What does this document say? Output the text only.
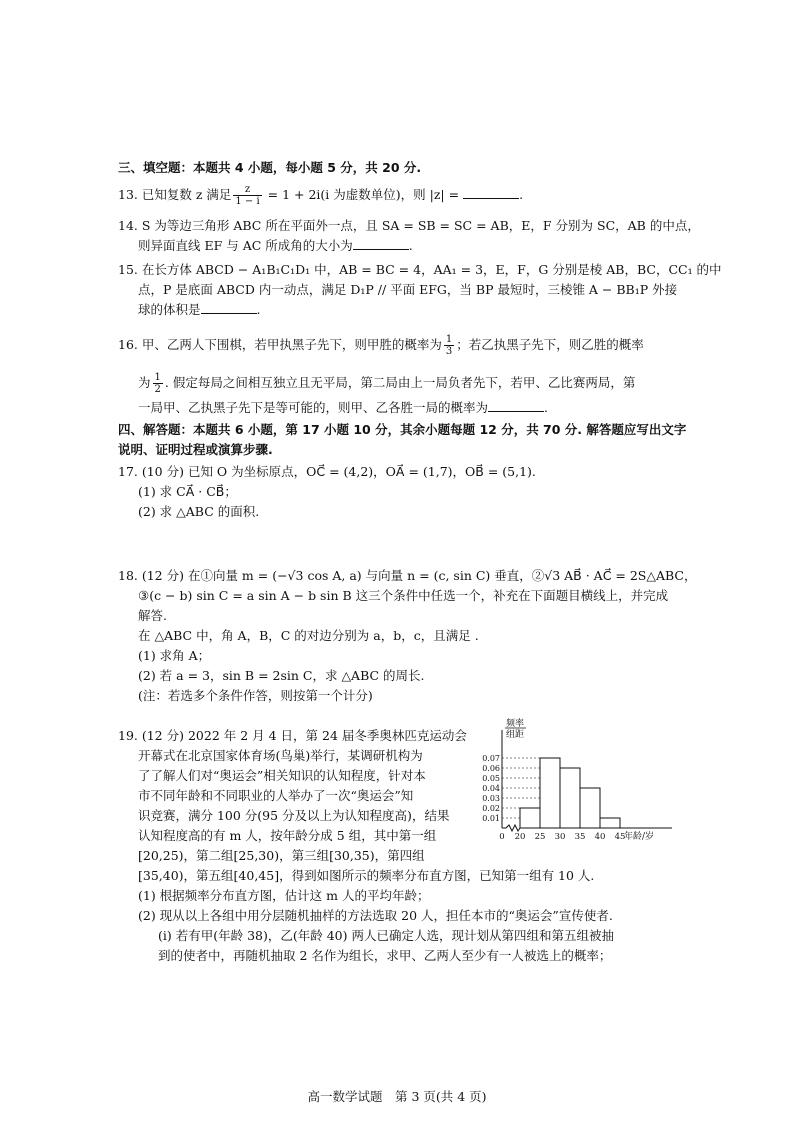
三、填空题：本题共 4 小题，每小题 5 分，共 20 分.
13. 已知复数 z 满足 $\frac{z}{1 - i} = 1 + 2i(i$ 为虚数单位)，则 |z| =	.
14. S 为等边三角形 ABC 所在平面外一点，且 SA = SB = SC = AB，E，F 分别为 SC，AB 的中点，
则异面直线 EF 与 AC 所成角的大小为	.
15. 在长方体 ABCD − A₁B₁C₁D₁ 中，AB = BC = 4，AA₁ = 3，E，F，G 分别是棱 AB，BC，CC₁ 的中
点，P 是底面 ABCD 内一动点，满足 D₁P // 平面 EFG，当 BP 最短时，三棱锥 A − BB₁P 外接
球的体积是	.
16. 甲、乙两人下围棋，若甲执黑子先下，则甲胜的概率为 $\frac{1}{3}$ ；若乙执黑子先下，则乙胜的概率
为 $\frac{1}{2}$ . 假定每局之间相互独立且无平局，第二局由上一局负者先下，若甲、乙比赛两局，第
一局甲、乙执黑子先下是等可能的，则甲、乙各胜一局的概率为	.
四、解答题：本题共 6 小题，第 17 小题 10 分，其余小题每题 12 分，共 70 分. 解答题应写出文字
说明、证明过程或演算步骤.
17. (10 分) 已知 O 为坐标原点，OC⃗ = (4,2)，OA⃗ = (1,7)，OB⃗ = (5,1).
(1) 求 CA⃗ · CB⃗；
(2) 求 △ABC 的面积.
18. (12 分) 在①向量 m = (−√3 cos A, a) 与向量 n = (c, sin C) 垂直，②√3 AB⃗ · AC⃗ = 2S△ABC，
③(c − b) sin C = a sin A − b sin B 这三个条件中任选一个，补充在下面题目横线上，并完成
解答.
在 △ABC 中，角 A，B，C 的对边分别为 a，b，c，且满足 .
(1) 求角 A；
(2) 若 a = 3，sin B = 2sin C，求 △ABC 的周长.
(注：若选多个条件作答，则按第一个计分)
19. (12 分) 2022 年 2 月 4 日，第 24 届冬季奥林匹克运动会
开幕式在北京国家体育场(鸟巢)举行，某调研机构为
了了解人们对“奥运会”相关知识的认知程度，针对本
市不同年龄和不同职业的人举办了一次“奥运会”知
识竞赛，满分 100 分(95 分及以上为认知程度高)，结果
认知程度高的有 m 人，按年龄分成 5 组，其中第一组
[20,25)，第二组[25,30)，第三组[30,35)，第四组
[35,40)，第五组[40,45]，得到如图所示的频率分布直方图，已知第一组有 10 人.
(1) 根据频率分布直方图，估计这 m 人的平均年龄；
(2) 现从以上各组中用分层随机抽样的方法选取 20 人，担任本市的“奥运会”宣传使者.
(ⅰ) 若有甲(年龄 38)，乙(年龄 40) 两人已确定人选，现计划从第四组和第五组被抽
到的使者中，再随机抽取 2 名作为组长，求甲、乙两人至少有一人被选上的概率；
频率
组距
0.01
0.02
0.03
0.04
0.05
0.06
0.07
0 20 25 30 35 40 45
年龄/岁
高一数学试题　第 3 页(共 4 页)
